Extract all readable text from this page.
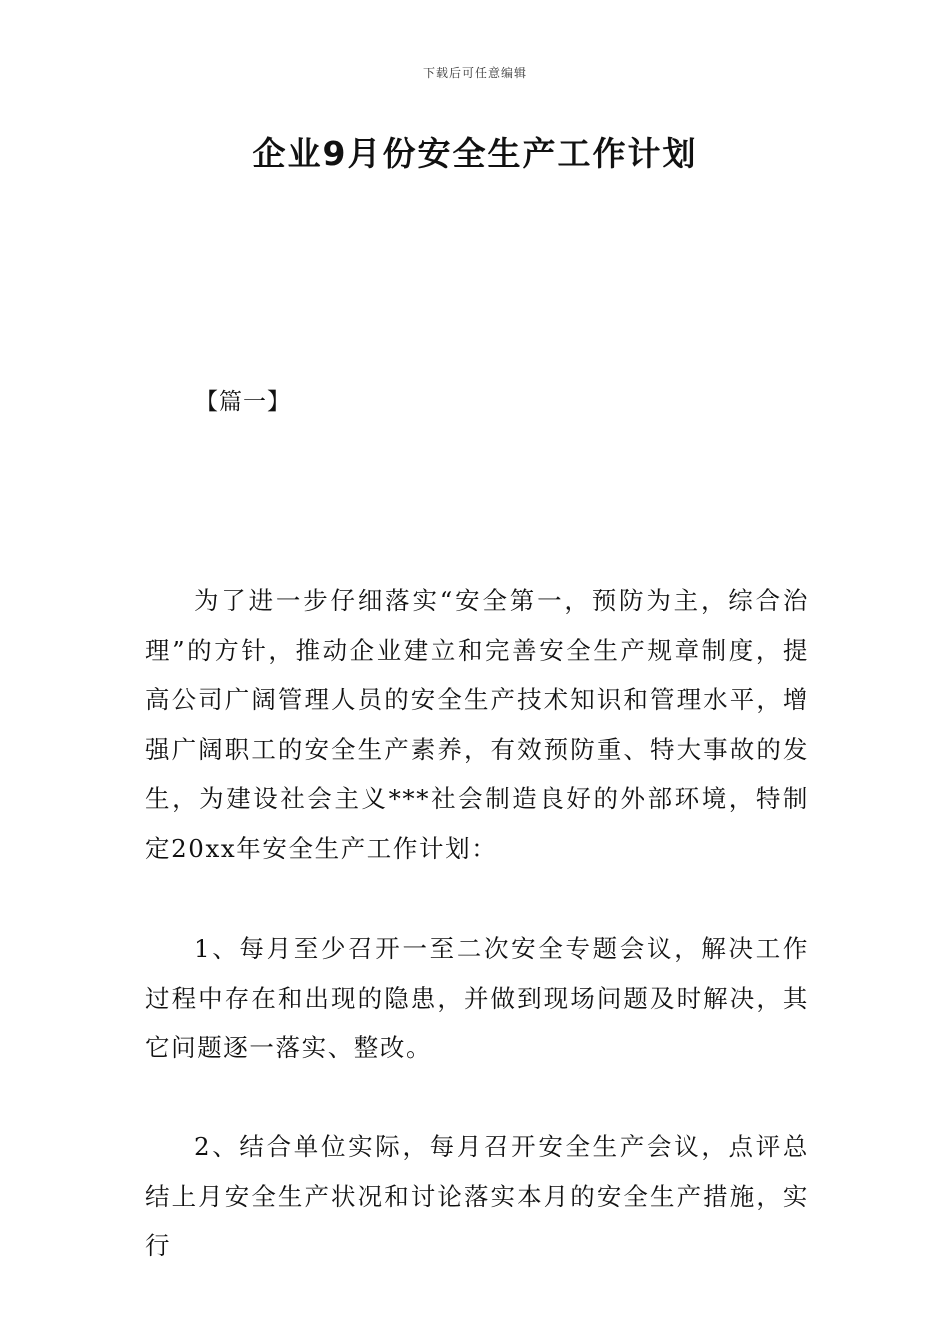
下载后可任意编辑
企业9月份安全生产工作计划
【篇一】

为了进一步仔细落实“安全第一，预防为主，综合治理”的方针，推动企业建立和完善安全生产规章制度，提高公司广阔管理人员的安全生产技术知识和管理水平，增强广阔职工的安全生产素养，有效预防重、特大事故的发生，为建设社会主义***社会制造良好的外部环境，特制定20xx年安全生产工作计划：

1、每月至少召开一至二次安全专题会议，解决工作过程中存在和出现的隐患，并做到现场问题及时解决，其它问题逐一落实、整改。

2、结合单位实际，每月召开安全生产会议，点评总结上月安全生产状况和讨论落实本月的安全生产措施，实行
